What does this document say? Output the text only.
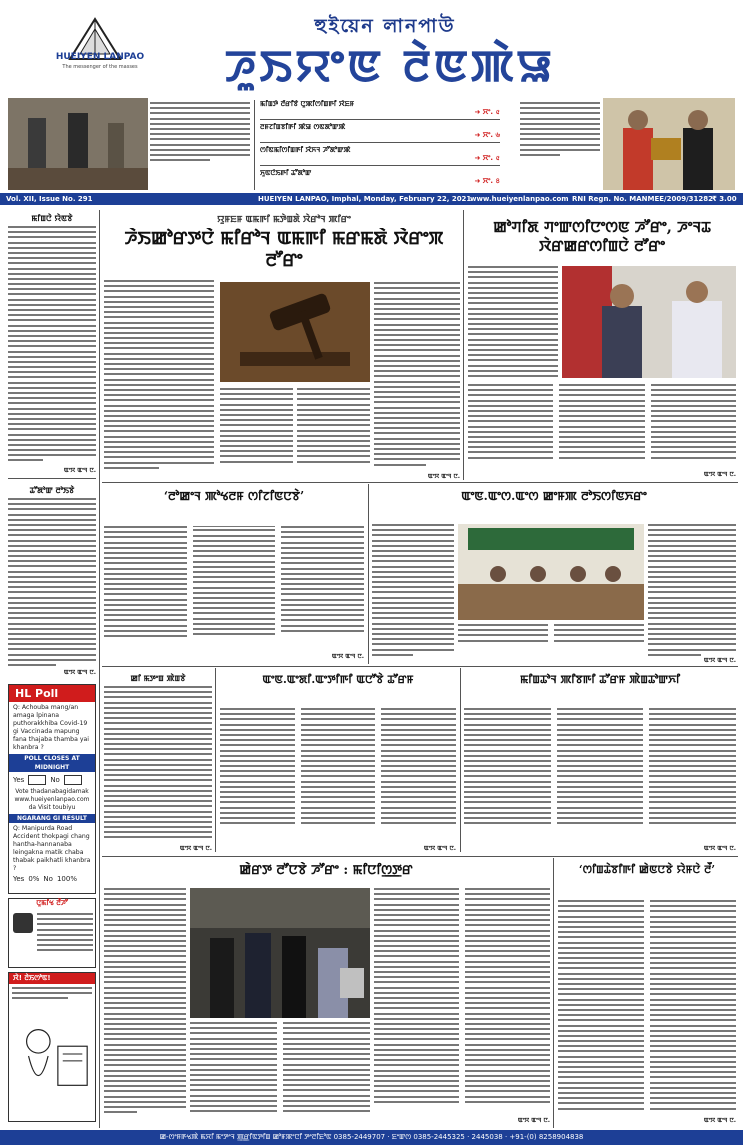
HUEIYEN LANPAO
The messenger of the masses
হুইয়েন লানপাউ
ꯍꯨꯏꯌꯦꯟ ꯂꯥꯟꯄꯥꯎ
ꯃꯤꯡꯇꯥ ꯂꯩꯔꯤꯕꯥ ꯅꯨꯄꯤꯁꯤꯡꯒꯤ ꯋꯥꯐꯝ
➜ ꯆꯦ. ৫
ꯂꯝꯖꯤꯡꯕꯤꯒꯤ ꯄꯥꯎ ꯁꯟꯗꯣꯛꯄꯥ
➜ ꯆꯦ. ৬
ꯁꯤꯟꯃꯤꯁꯤꯡꯒꯤ ꯋꯥꯈꯜ ꯍꯧꯗꯣꯛꯄꯥ
➜ ꯆꯦ. ৫
ꯈꯨꯟꯅꯥꯏꯒꯤ ꯊꯧꯗꯣꯛ
➜ ꯆꯦ. ৪
Vol. XII, Issue No. 291	HUEIYEN LANPAO, Imphal, Monday, February 22, 2021
www.hueiyenlanpao.com RNI Regn. No. MANMEE/2009/31282
₹ 3.00
ꯃꯤꯡꯅꯥ ꯌꯥꯟꯕꯥ
ꯑꯦꯆ ꯑꯦꯜ ꯅ.
ꯊꯧꯗꯣꯛ ꯂꯣꯏꯕꯥ
ꯑꯦꯆ ꯑꯦꯜ ꯅ.
HL Poll
Q: Achouba mang/an amaga lpinana puthorakkhiba Covid-19 gi Vaccinada mapung fana thajaba thamba yai khanbra ?
POLL CLOSES AT MIDNIGHT
Yes	No
Vote thadanabagidamak
www.hueiyenlanpao.com
da Visit toubiyu
NGARANG GI RESULT
Q: Manipurda Road Accident thokpagi chang hantha-hannanaba leingakna matik chaba thabak paikhatli khanbra ?
Yes 0% No 100%
ꯅꯨꯃꯤꯠ ꯂꯩꯍꯧ
ꯋꯥ! ꯂꯥꯏꯁꯣꯟ!
ꯌꯨꯝꯐꯝ ꯑꯃꯒꯤ ꯃꯇꯥꯡꯗꯥ ꯋꯥꯔꯣꯜ ꯄꯤꯔꯦ
ꯍꯥꯏꯀꯣꯔꯇꯅꯥ ꯃꯤꯔꯣꯜ ꯑꯃꯒꯤ ꯃꯔꯃꯗꯥ ꯋꯥꯔꯦꯞ ꯂꯧꯔꯦ
ꯑꯦꯆ ꯑꯦꯜ ꯅ.
ꯀꯣꯚꯤꯗ ꯚꯦꯛꯁꯤꯅꯦꯁꯟ ꯍꯧꯔꯦ, ꯍꯦꯜꯊ ꯋꯥꯔꯀꯔꯁꯤꯡꯅꯥ ꯂꯧꯔꯦ
ꯑꯦꯆ ꯑꯦꯜ ꯅ.
‘ꯂꯣꯀꯦꯜ ꯄꯣꯠꯂꯝ ꯁꯤꯖꯤꯟꯅꯕꯥ’
ꯑꯦꯆ ꯑꯦꯜ ꯅ.
ꯑꯦꯟ.ꯑꯦꯁ.ꯑꯦꯁ ꯀꯦꯝꯄ ꯂꯣꯏꯁꯤꯟꯈꯔꯦ
ꯑꯦꯆ ꯑꯦꯜ ꯅ.
ꯀꯤ ꯃꯇꯦꯡ ꯄꯥꯡꯕꯥ
ꯑꯦꯆ ꯑꯦꯜ ꯅ.
ꯑꯦꯟ.ꯑꯦꯗꯤ.ꯑꯦꯇꯤꯒꯤ ꯑꯅꯧꯕꯥ ꯊꯧꯔꯝ
ꯑꯦꯆ ꯑꯦꯜ ꯅ.
ꯃꯤꯡꯊꯣꯜ ꯄꯤꯕꯒꯤ ꯊꯧꯔꯝ ꯄꯥꯡꯊꯣꯛꯈꯤ
ꯑꯦꯆ ꯑꯦꯜ ꯅ.
ꯀꯥꯔꯇ ꯂꯧꯅꯕꯥ ꯍꯧꯔꯦ : ꯃꯤꯅꯤꯁ꯭ꯇꯔ
ꯑꯦꯆ ꯑꯦꯜ ꯅ.
‘ꯁꯤꯡꯊꯥꯕꯤꯒꯤ ꯀꯥꯟꯅꯕꯥ ꯌꯥꯝꯅꯥ ꯂꯩ’
ꯑꯦꯆ ꯑꯦꯜ ꯅ.
ꯀ-ꯁꯦꯝꯒꯠꯄꯥ ꯃꯆꯤ ꯃꯦꯇꯦꯜ ꯄ꯭ꯔꯤꯟꯇꯤꯡ ꯀꯣꯝꯄꯦꯅꯤ ꯇꯦꯂꯤꯐꯣꯟ 0385-2449707 · ꯐꯦꯛꯁ 0385-2445325 · 2445038 · +91-(0) 8258904838
